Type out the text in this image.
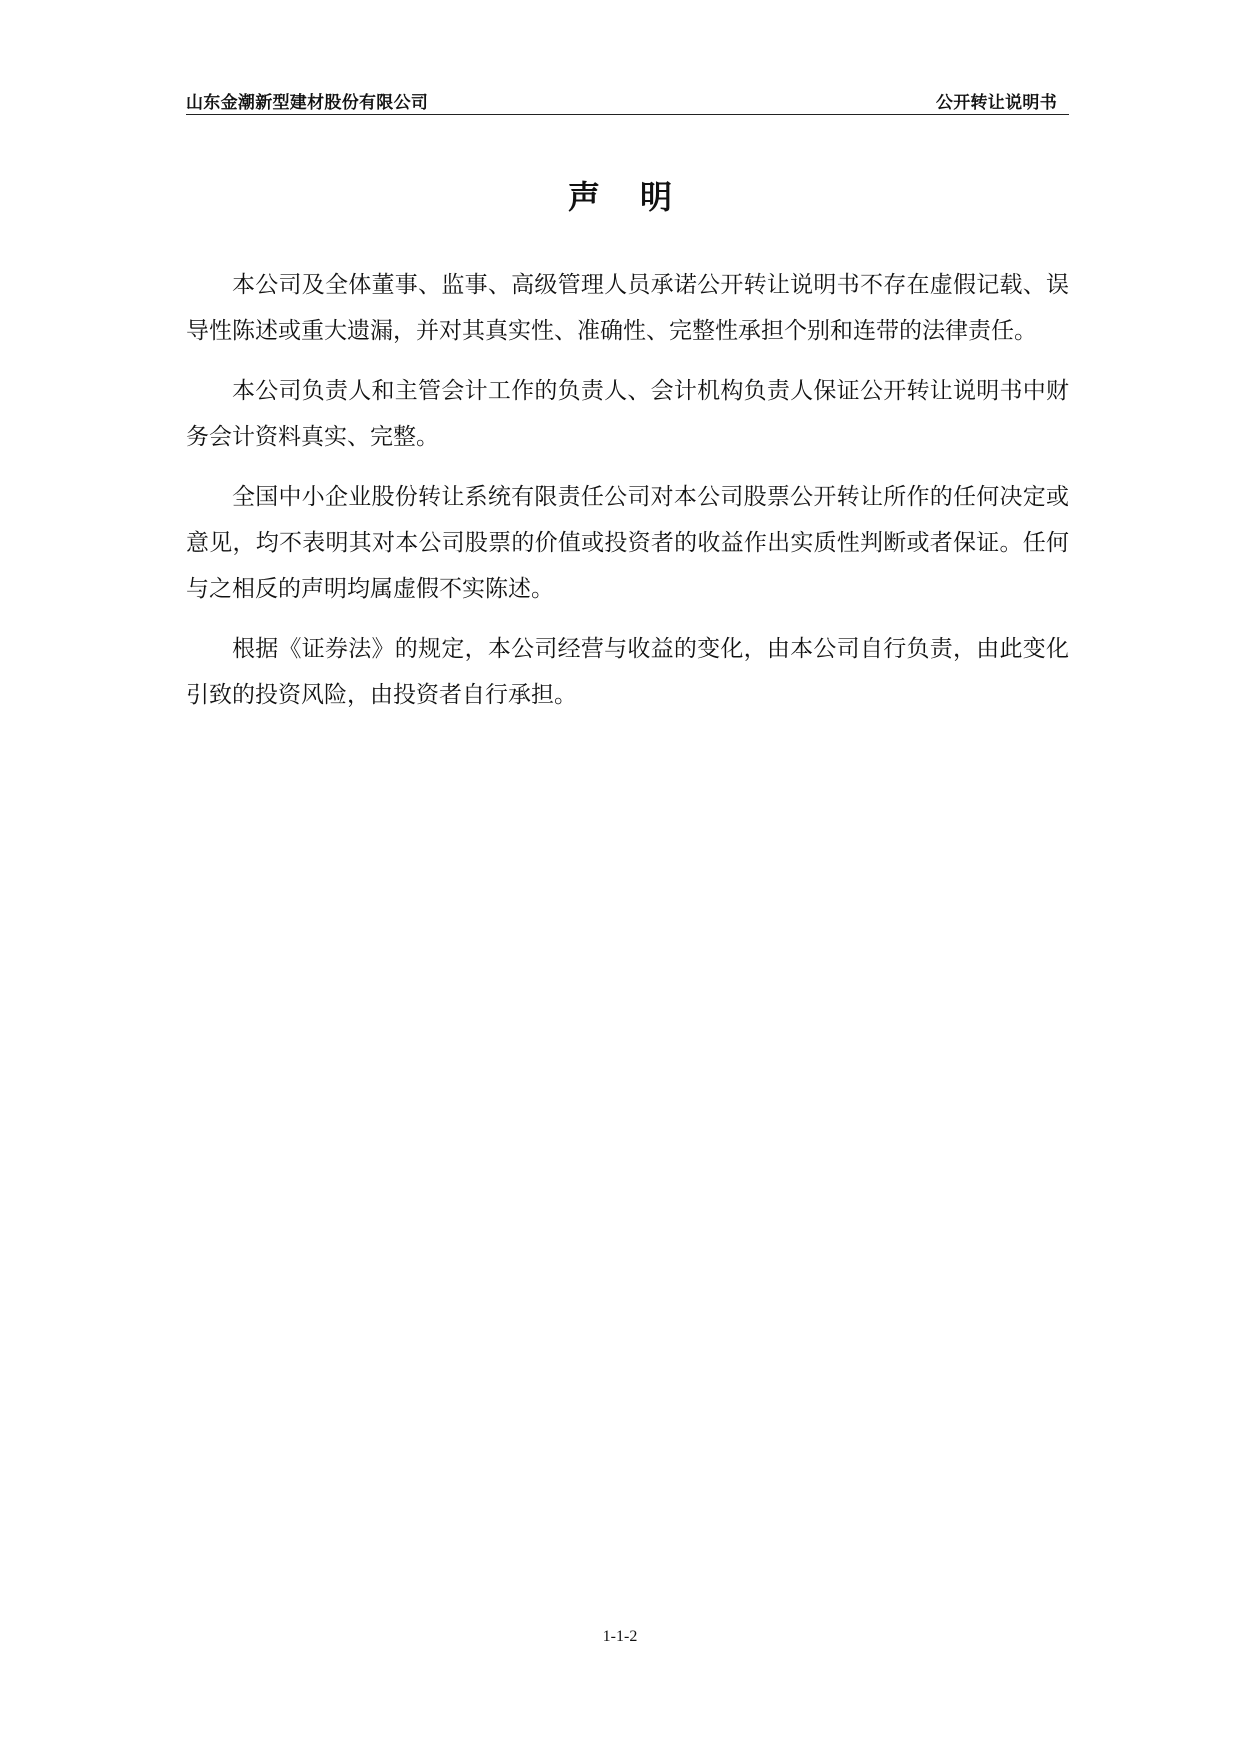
山东金潮新型建材股份有限公司	公开转让说明书
声明

本公司及全体董事、监事、高级管理人员承诺公开转让说明书不存在虚假记载、误导性陈述或重大遗漏，并对其真实性、准确性、完整性承担个别和连带的法律责任。

本公司负责人和主管会计工作的负责人、会计机构负责人保证公开转让说明书中财务会计资料真实、完整。

全国中小企业股份转让系统有限责任公司对本公司股票公开转让所作的任何决定或意见，均不表明其对本公司股票的价值或投资者的收益作出实质性判断或者保证。任何与之相反的声明均属虚假不实陈述。

根据《证券法》的规定，本公司经营与收益的变化，由本公司自行负责，由此变化引致的投资风险，由投资者自行承担。

1-1-2
